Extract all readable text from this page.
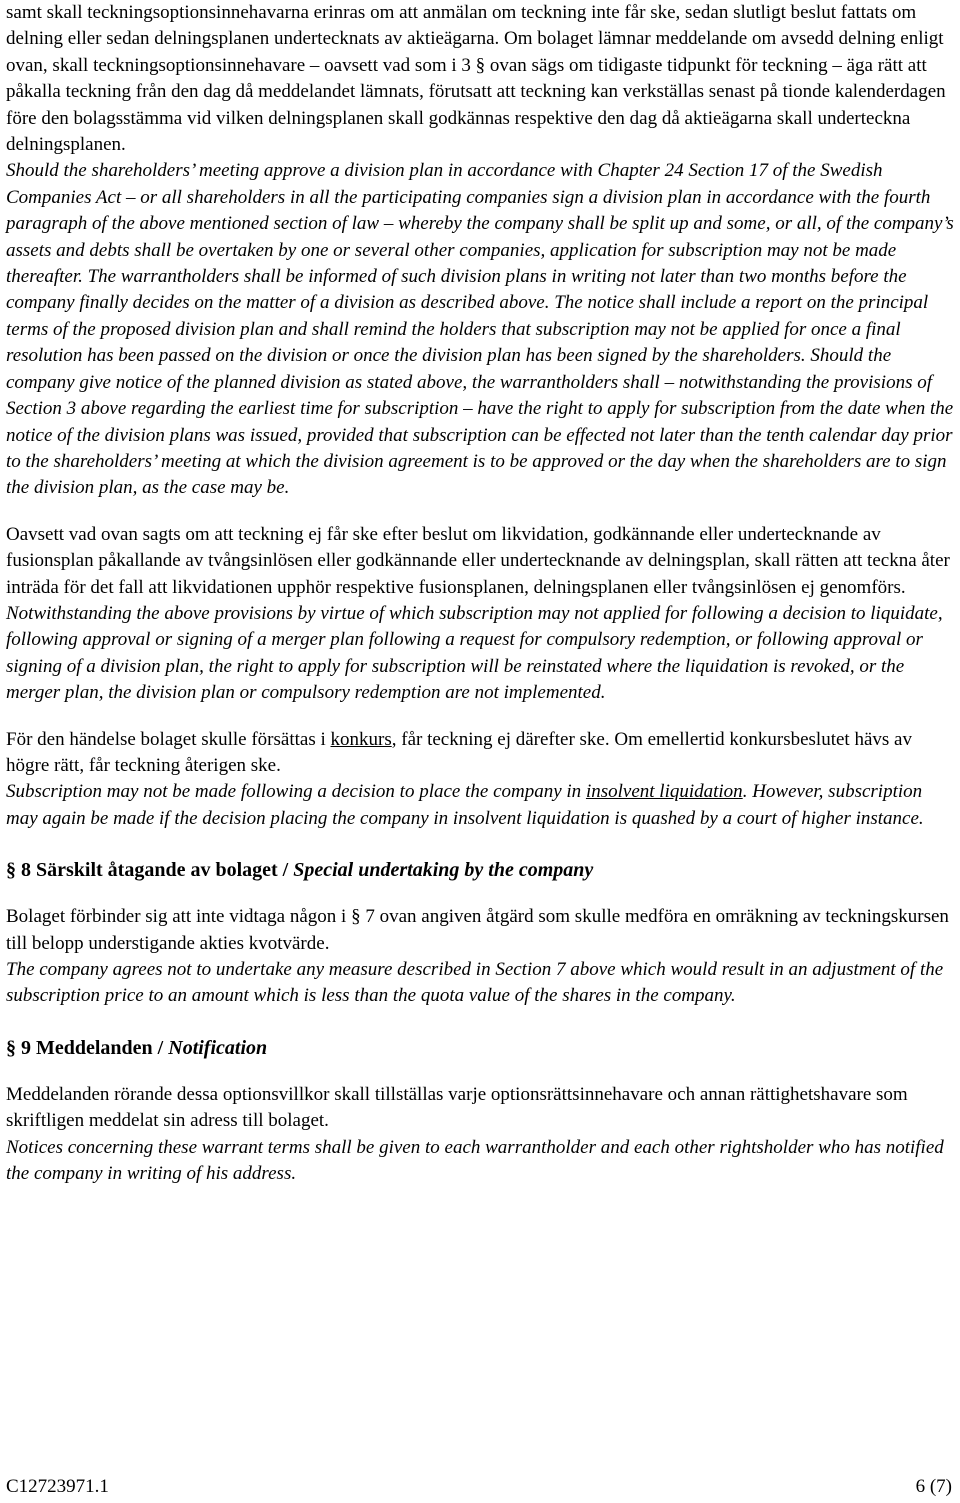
samt skall teckningsoptionsinnehavarna erinras om att anmälan om teckning inte får ske, sedan slutligt beslut fattats om delning eller sedan delningsplanen undertecknats av aktieägarna. Om bolaget lämnar meddelande om avsedd delning enligt ovan, skall teckningsoptionsinnehavare – oavsett vad som i 3 § ovan sägs om tidigaste tidpunkt för teckning – äga rätt att påkalla teckning från den dag då meddelandet lämnats, förutsatt att teckning kan verkställas senast på tionde kalenderdagen före den bolagsstämma vid vilken delningsplanen skall godkännas respektive den dag då aktieägarna skall underteckna delningsplanen.

Should the shareholders’ meeting approve a division plan in accordance with Chapter 24 Section 17 of the Swedish Companies Act – or all shareholders in all the participating companies sign a division plan in accordance with the fourth paragraph of the above mentioned section of law – whereby the company shall be split up and some, or all, of the company’s assets and debts shall be overtaken by one or several other companies, application for subscription may not be made thereafter. The warrantholders shall be informed of such division plans in writing not later than two months before the company finally decides on the matter of a division as described above. The notice shall include a report on the principal terms of the proposed division plan and shall remind the holders that subscription may not be applied for once a final resolution has been passed on the division or once the division plan has been signed by the shareholders. Should the company give notice of the planned division as stated above, the warrantholders shall – notwithstanding the provisions of Section 3 above regarding the earliest time for subscription – have the right to apply for subscription from the date when the notice of the division plans was issued, provided that subscription can be effected not later than the tenth calendar day prior to the shareholders’ meeting at which the division agreement is to be approved or the day when the shareholders are to sign the division plan, as the case may be.

Oavsett vad ovan sagts om att teckning ej får ske efter beslut om likvidation, godkännande eller undertecknande av fusionsplan påkallande av tvångsinlösen eller godkännande eller undertecknande av delningsplan, skall rätten att teckna åter inträda för det fall att likvidationen upphör respektive fusionsplanen, delningsplanen eller tvångsinlösen ej genomförs.

Notwithstanding the above provisions by virtue of which subscription may not applied for following a decision to liquidate, following approval or signing of a merger plan following a request for compulsory redemption, or following approval or signing of a division plan, the right to apply for subscription will be reinstated where the liquidation is revoked, or the merger plan, the division plan or compulsory redemption are not implemented.

För den händelse bolaget skulle försättas i konkurs, får teckning ej därefter ske. Om emellertid konkursbeslutet hävs av högre rätt, får teckning återigen ske.

Subscription may not be made following a decision to place the company in insolvent liquidation. However, subscription may again be made if the decision placing the company in insolvent liquidation is quashed by a court of higher instance.

§ 8 Särskilt åtagande av bolaget / Special undertaking by the company

Bolaget förbinder sig att inte vidtaga någon i § 7 ovan angiven åtgärd som skulle medföra en omräkning av teckningskursen till belopp understigande akties kvotvärde.

The company agrees not to undertake any measure described in Section 7 above which would result in an adjustment of the subscription price to an amount which is less than the quota value of the shares in the company.

§ 9 Meddelanden / Notification

Meddelanden rörande dessa optionsvillkor skall tillställas varje optionsrättsinnehavare och annan rättighetshavare som skriftligen meddelat sin adress till bolaget.

Notices concerning these warrant terms shall be given to each warrantholder and each other rightsholder who has notified the company in writing of his address.

C12723971.1	6 (7)
